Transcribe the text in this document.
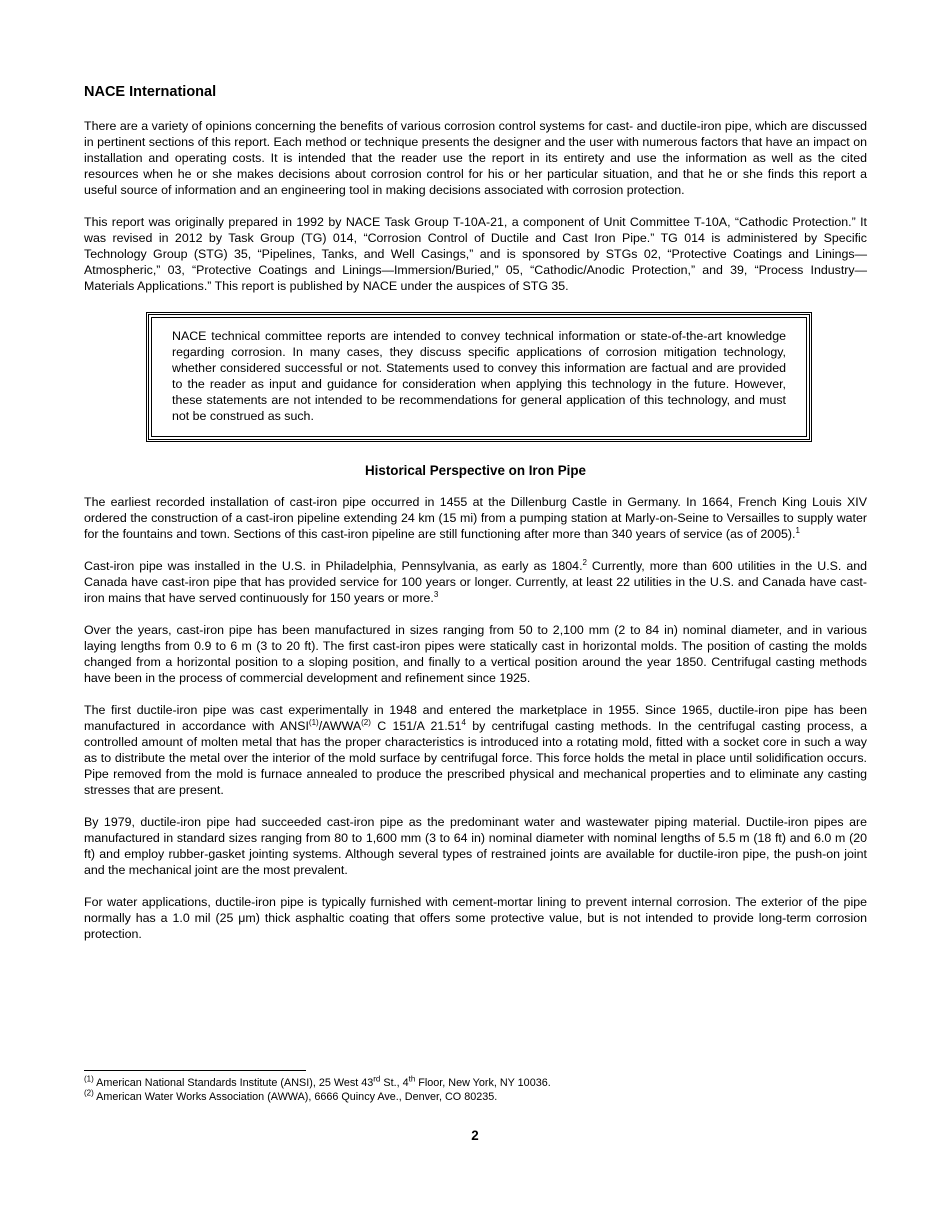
NACE International

There are a variety of opinions concerning the benefits of various corrosion control systems for cast- and ductile-iron pipe, which are discussed in pertinent sections of this report. Each method or technique presents the designer and the user with numerous factors that have an impact on installation and operating costs. It is intended that the reader use the report in its entirety and use the information as well as the cited resources when he or she makes decisions about corrosion control for his or her particular situation, and that he or she finds this report a useful source of information and an engineering tool in making decisions associated with corrosion protection.

This report was originally prepared in 1992 by NACE Task Group T-10A-21, a component of Unit Committee T-10A, “Cathodic Protection.” It was revised in 2012 by Task Group (TG) 014, “Corrosion Control of Ductile and Cast Iron Pipe.” TG 014 is administered by Specific Technology Group (STG) 35, “Pipelines, Tanks, and Well Casings,” and is sponsored by STGs 02, “Protective Coatings and Linings—Atmospheric,” 03, “Protective Coatings and Linings—Immersion/Buried,” 05, “Cathodic/Anodic Protection,” and 39, “Process Industry—Materials Applications.” This report is published by NACE under the auspices of STG 35.

NACE technical committee reports are intended to convey technical information or state-of-the-art knowledge regarding corrosion. In many cases, they discuss specific applications of corrosion mitigation technology, whether considered successful or not. Statements used to convey this information are factual and are provided to the reader as input and guidance for consideration when applying this technology in the future. However, these statements are not intended to be recommendations for general application of this technology, and must not be construed as such.

Historical Perspective on Iron Pipe

The earliest recorded installation of cast-iron pipe occurred in 1455 at the Dillenburg Castle in Germany. In 1664, French King Louis XIV ordered the construction of a cast-iron pipeline extending 24 km (15 mi) from a pumping station at Marly-on-Seine to Versailles to supply water for the fountains and town. Sections of this cast-iron pipeline are still functioning after more than 340 years of service (as of 2005).$^1$

Cast-iron pipe was installed in the U.S. in Philadelphia, Pennsylvania, as early as 1804.$^2$ Currently, more than 600 utilities in the U.S. and Canada have cast-iron pipe that has provided service for 100 years or longer. Currently, at least 22 utilities in the U.S. and Canada have cast-iron mains that have served continuously for 150 years or more.$^3$

Over the years, cast-iron pipe has been manufactured in sizes ranging from 50 to 2,100 mm (2 to 84 in) nominal diameter, and in various laying lengths from 0.9 to 6 m (3 to 20 ft). The first cast-iron pipes were statically cast in horizontal molds. The position of casting the molds changed from a horizontal position to a sloping position, and finally to a vertical position around the year 1850. Centrifugal casting methods have been in the process of commercial development and refinement since 1925.

The first ductile-iron pipe was cast experimentally in 1948 and entered the marketplace in 1955. Since 1965, ductile-iron pipe has been manufactured in accordance with ANSI$^{(1)}$/AWWA$^{(2)}$ C 151/A 21.51$^4$ by centrifugal casting methods. In the centrifugal casting process, a controlled amount of molten metal that has the proper characteristics is introduced into a rotating mold, fitted with a socket core in such a way as to distribute the metal over the interior of the mold surface by centrifugal force. This force holds the metal in place until solidification occurs. Pipe removed from the mold is furnace annealed to produce the prescribed physical and mechanical properties and to eliminate any casting stresses that are present.

By 1979, ductile-iron pipe had succeeded cast-iron pipe as the predominant water and wastewater piping material. Ductile-iron pipes are manufactured in standard sizes ranging from 80 to 1,600 mm (3 to 64 in) nominal diameter with nominal lengths of 5.5 m (18 ft) and 6.0 m (20 ft) and employ rubber-gasket jointing systems. Although several types of restrained joints are available for ductile-iron pipe, the push-on joint and the mechanical joint are the most prevalent.

For water applications, ductile-iron pipe is typically furnished with cement-mortar lining to prevent internal corrosion. The exterior of the pipe normally has a 1.0 mil (25 μm) thick asphaltic coating that offers some protective value, but is not intended to provide long-term corrosion protection.

$^{(1)}$ American National Standards Institute (ANSI), 25 West 43rd St., 4th Floor, New York, NY 10036.

$^{(2)}$ American Water Works Association (AWWA), 6666 Quincy Ave., Denver, CO 80235.

2
